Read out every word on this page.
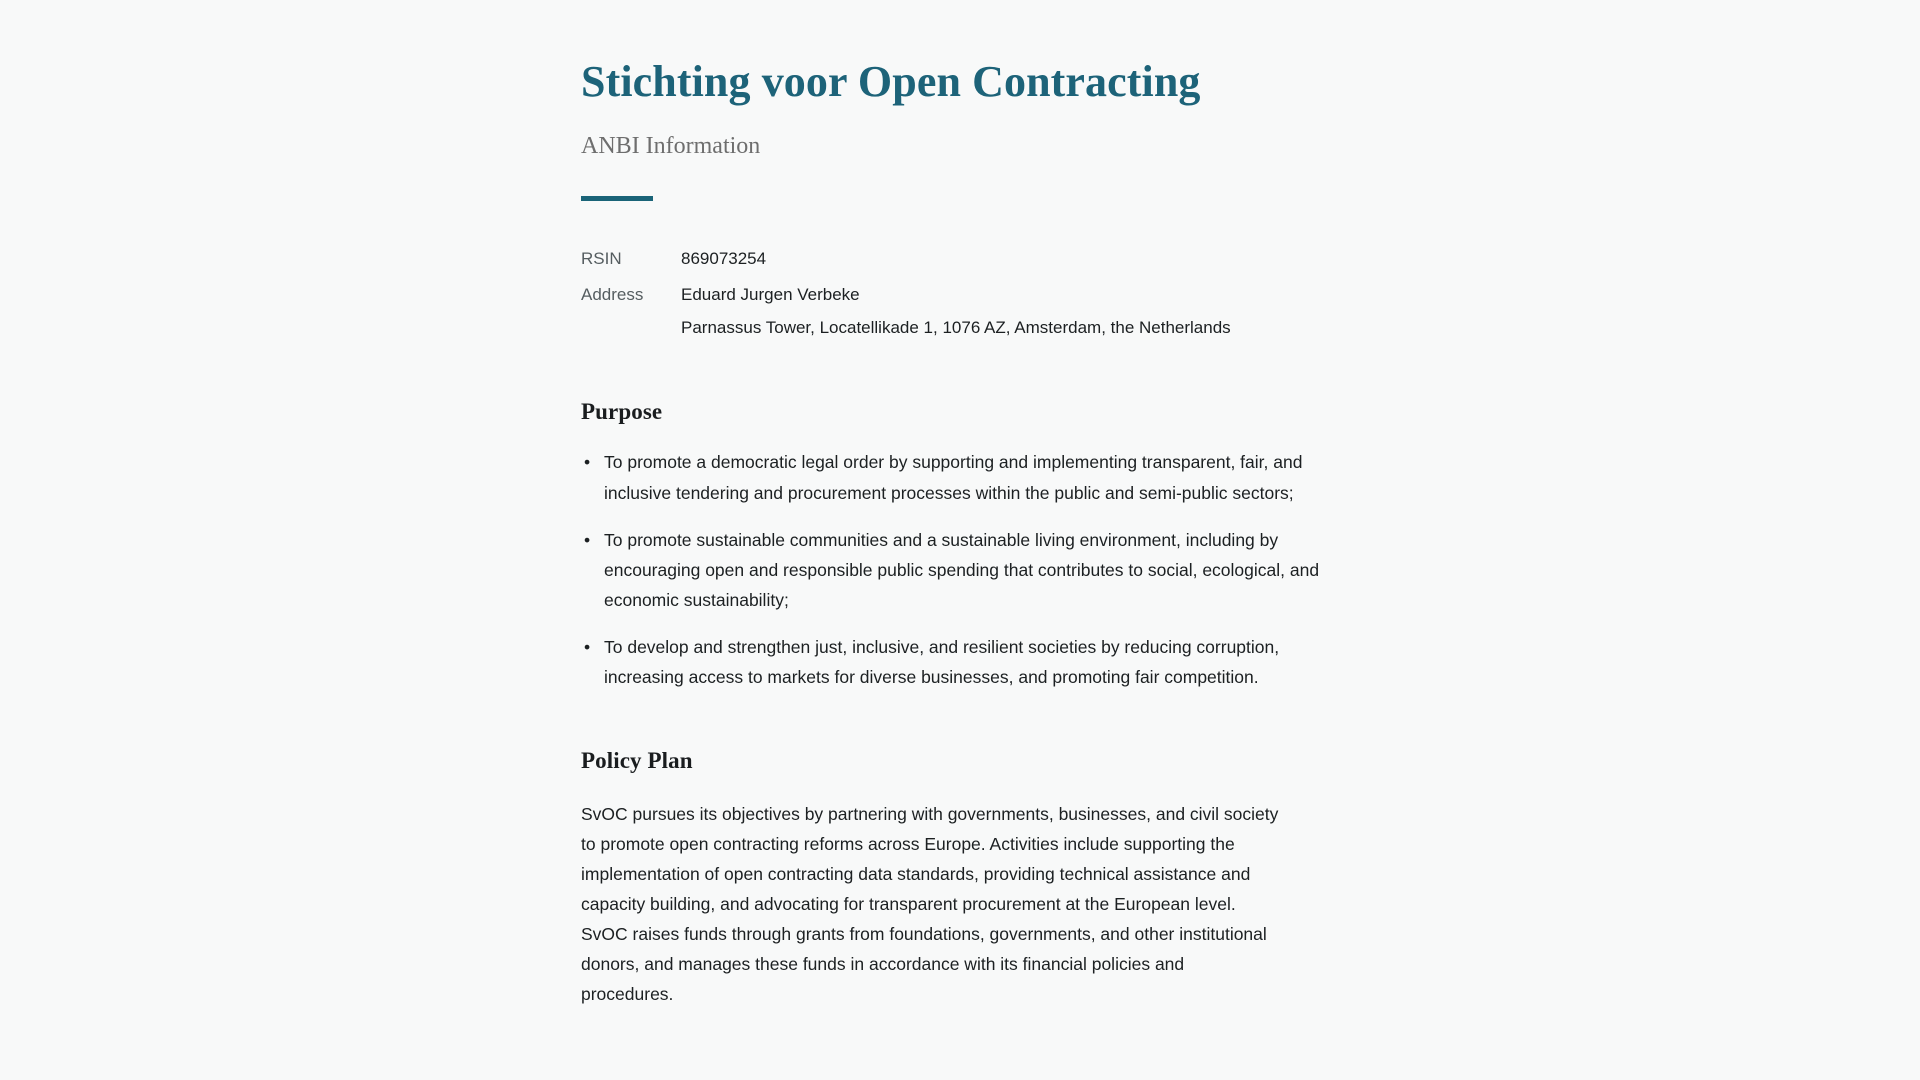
Stichting voor Open Contracting
ANBI Information
RSIN	869073254
Address	Eduard Jurgen Verbeke
Parnassus Tower, Locatellikade 1, 1076 AZ, Amsterdam, the Netherlands
Purpose
• To promote a democratic legal order by supporting and implementing transparent, fair, and inclusive tendering and procurement processes within the public and semi-public sectors;
• To promote sustainable communities and a sustainable living environment, including by encouraging open and responsible public spending that contributes to social, ecological, and economic sustainability;
• To develop and strengthen just, inclusive, and resilient societies by reducing corruption, increasing access to markets for diverse businesses, and promoting fair competition.
Policy Plan

SvOC pursues its objectives by partnering with governments, businesses, and civil society to promote open contracting reforms across Europe. Activities include supporting the implementation of open contracting data standards, providing technical assistance and capacity building, and advocating for transparent procurement at the European level. SvOC raises funds through grants from foundations, governments, and other institutional donors, and manages these funds in accordance with its financial policies and procedures.
